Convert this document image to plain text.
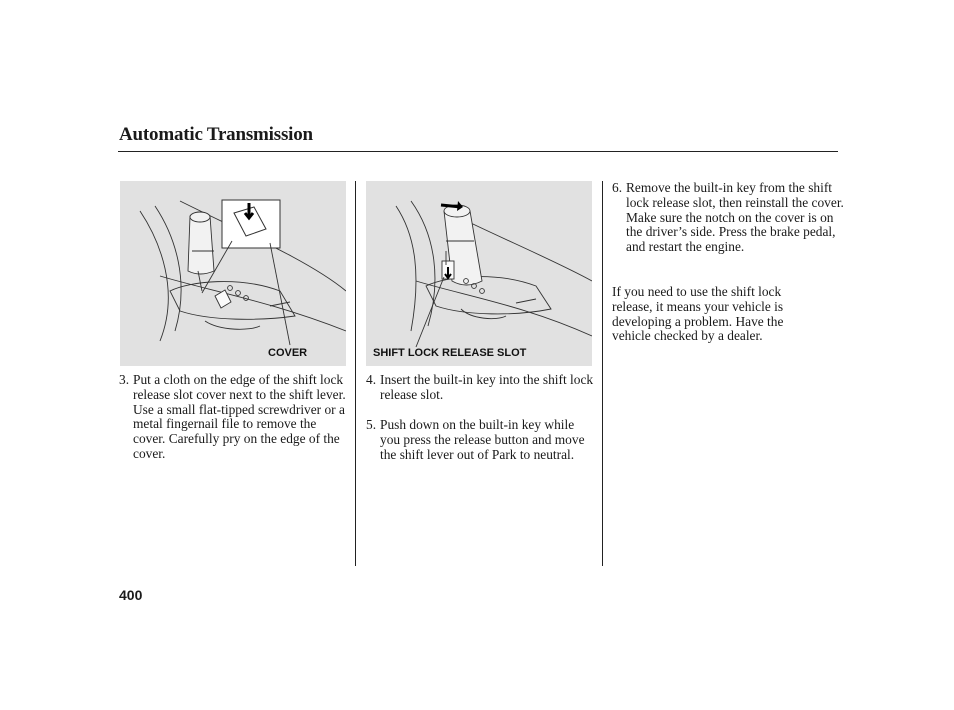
Automatic Transmission
COVER	SHIFT LOCK RELEASE SLOT
3. Put a cloth on the edge of the shift lock release slot cover next to the shift lever. Use a small flat-tipped screwdriver or a metal fingernail file to remove the cover. Carefully pry on the edge of the cover.
4. Insert the built-in key into the shift lock release slot.
5. Push down on the built-in key while you press the release button and move the shift lever out of Park to neutral.
6. Remove the built-in key from the shift lock release slot, then reinstall the cover. Make sure the notch on the cover is on the driver’s side. Press the brake pedal, and restart the engine.
If you need to use the shift lock release, it means your vehicle is developing a problem. Have the vehicle checked by a dealer.
400
